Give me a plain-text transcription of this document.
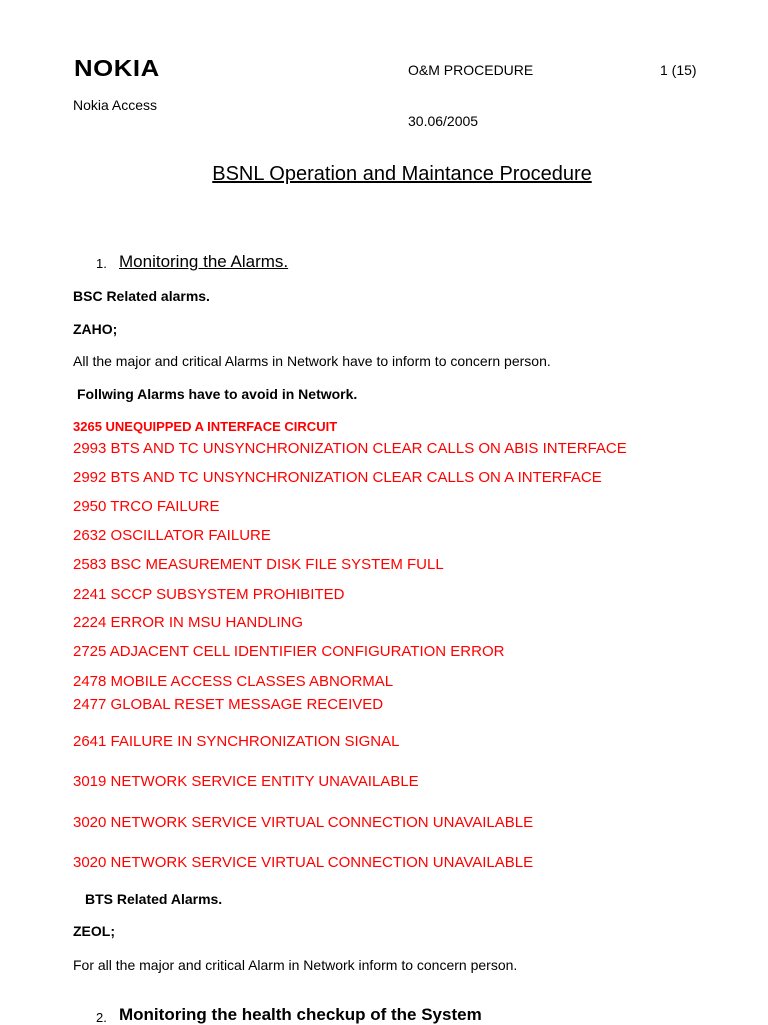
NOKIA	O&M PROCEDURE	1 (15)
Nokia Access
30.06/2005
BSNL Operation and Maintance Procedure
1. Monitoring the Alarms.
BSC Related alarms.
ZAHO;
All the major and critical Alarms in Network have to inform to concern person.
Follwing Alarms have to avoid in Network.
3265 UNEQUIPPED A INTERFACE CIRCUIT
2993 BTS AND TC UNSYNCHRONIZATION CLEAR CALLS ON ABIS INTERFACE
2992 BTS AND TC UNSYNCHRONIZATION CLEAR CALLS ON A INTERFACE
2950 TRCO FAILURE
2632 OSCILLATOR FAILURE
2583 BSC MEASUREMENT DISK FILE SYSTEM FULL
2241 SCCP SUBSYSTEM PROHIBITED
2224 ERROR IN MSU HANDLING
2725 ADJACENT CELL IDENTIFIER CONFIGURATION ERROR
2478 MOBILE ACCESS CLASSES ABNORMAL
2477 GLOBAL RESET MESSAGE RECEIVED
2641 FAILURE IN SYNCHRONIZATION SIGNAL
3019 NETWORK SERVICE ENTITY UNAVAILABLE
3020 NETWORK SERVICE VIRTUAL CONNECTION UNAVAILABLE
3020 NETWORK SERVICE VIRTUAL CONNECTION UNAVAILABLE
BTS Related Alarms.
ZEOL;
For all the major and critical Alarm in Network inform to concern person.
2. Monitoring the health checkup of the System
